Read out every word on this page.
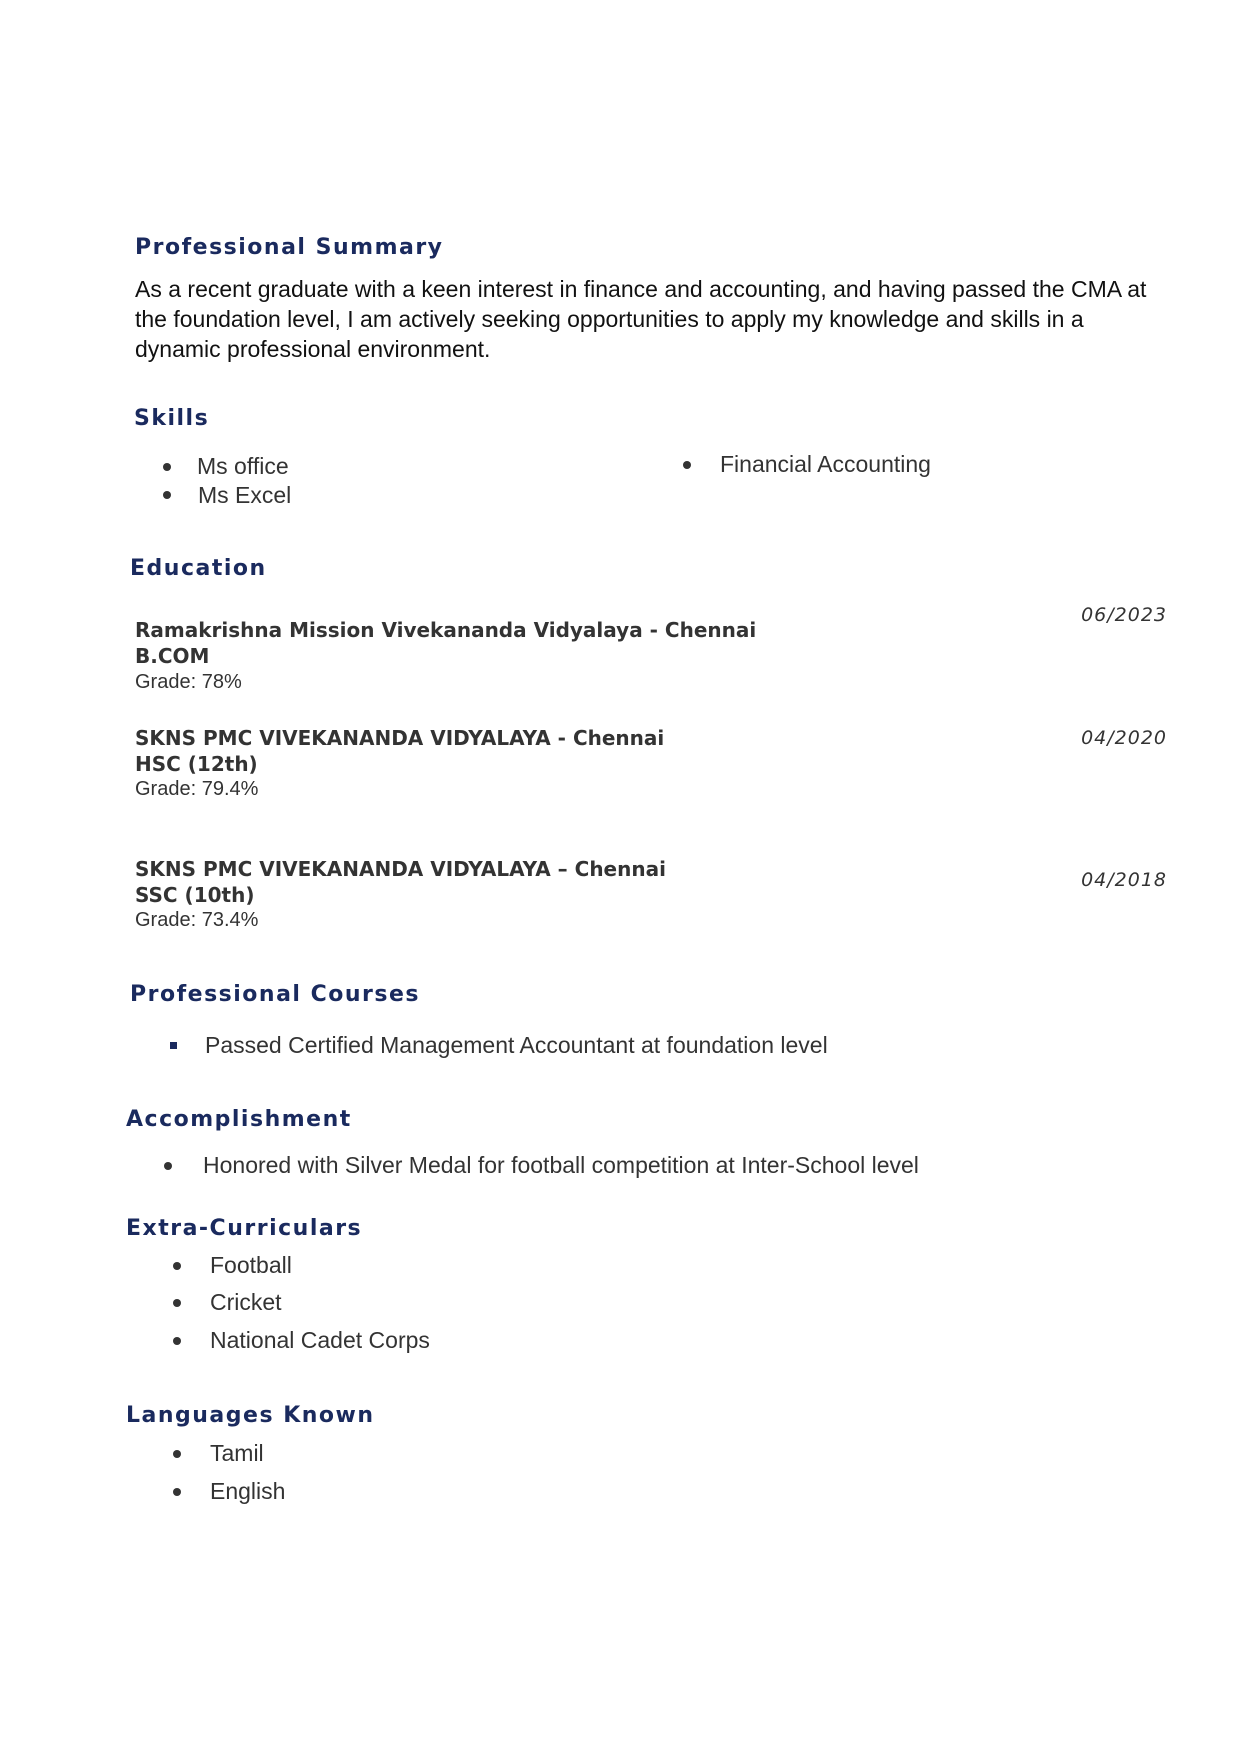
Professional Summary
As a recent graduate with a keen interest in finance and accounting, and having passed the CMA at
the foundation level, I am actively seeking opportunities to apply my knowledge and skills in a
dynamic professional environment.
Skills
Ms office
Ms Excel
Financial Accounting
Education
Ramakrishna Mission Vivekananda Vidyalaya - Chennai
B.COM
Grade: 78%
06/2023
SKNS PMC VIVEKANANDA VIDYALAYA - Chennai
HSC (12th)
Grade: 79.4%
04/2020
SKNS PMC VIVEKANANDA VIDYALAYA – Chennai
SSC (10th)
Grade: 73.4%
04/2018
Professional Courses
Passed Certified Management Accountant at foundation level
Accomplishment
Honored with Silver Medal for football competition at Inter-School level
Extra-Curriculars
Football
Cricket
National Cadet Corps
Languages Known
Tamil
English
